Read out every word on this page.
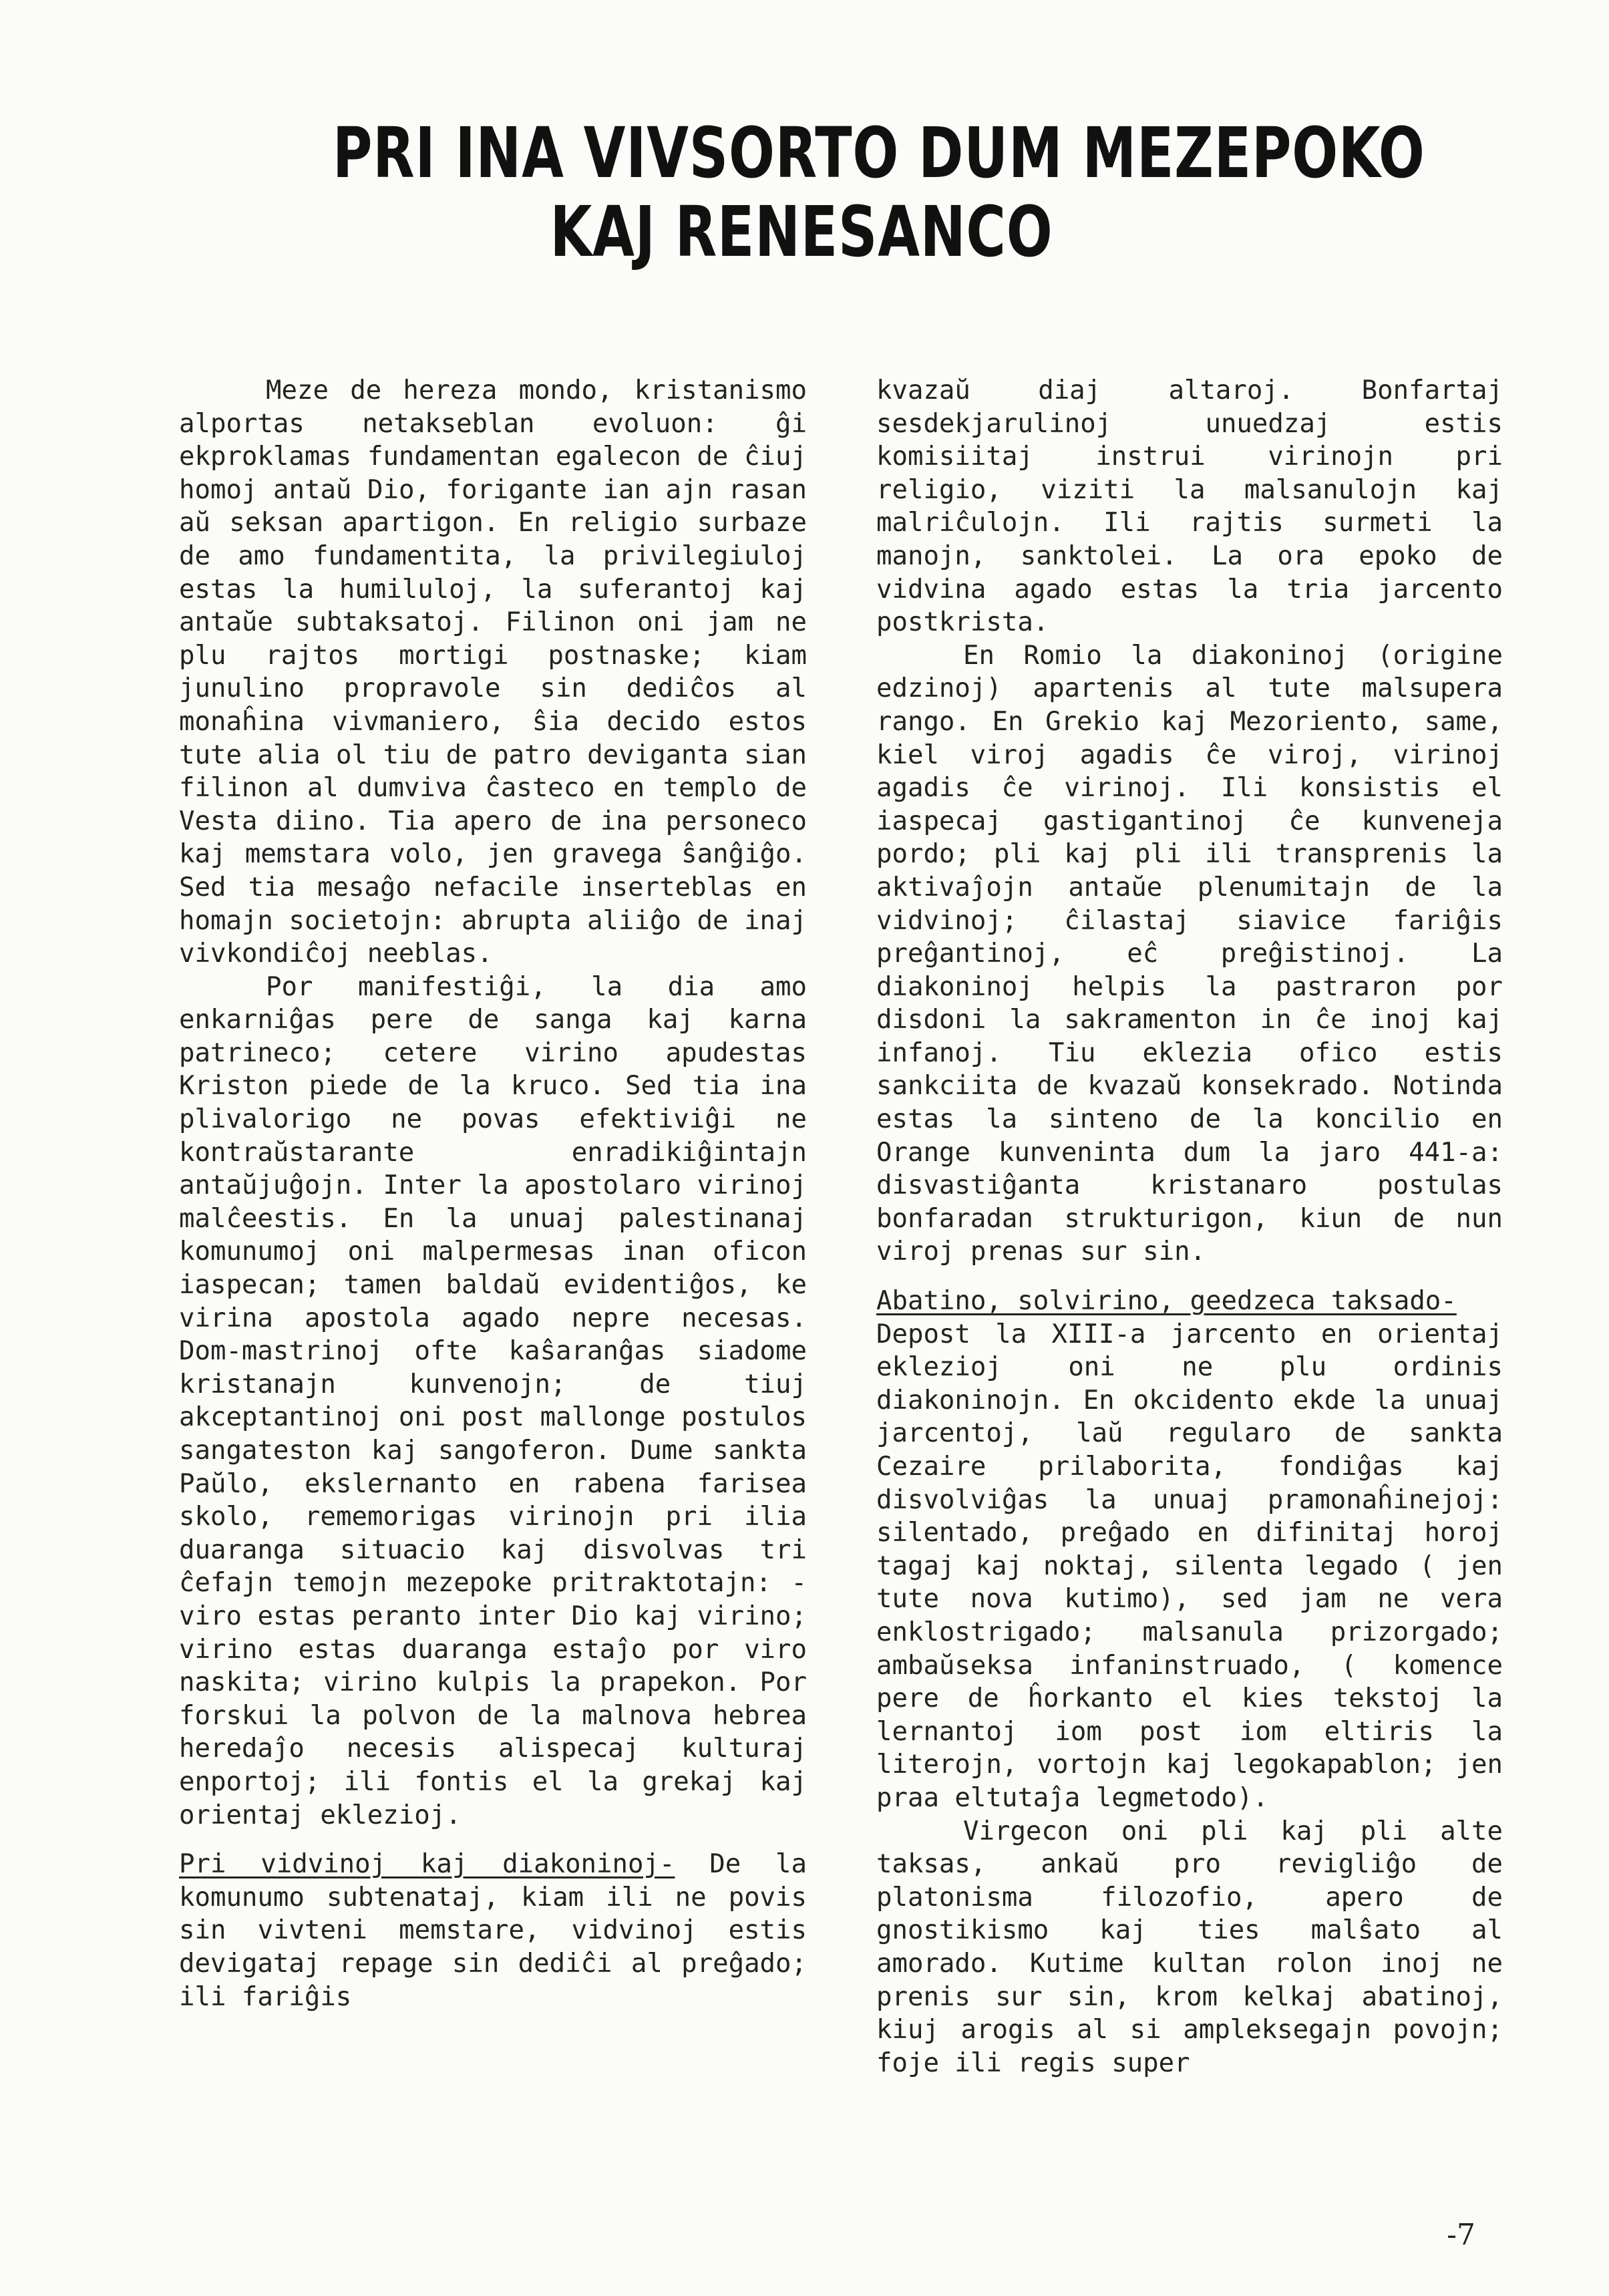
PRI INA VIVSORTO DUM MEZEPOKO
KAJ RENESANCO

Meze de hereza mondo, kristanismo alportas netakseblan evoluon: ĝi ekproklamas fundamentan egalecon de ĉiuj homoj antaŭ Dio, forigante ian ajn rasan aŭ seksan apartigon. En religio surbaze de amo fundamentita, la privilegiuloj estas la humiluloj, la suferantoj kaj antaŭe subtaksatoj. Filinon oni jam ne plu rajtos mortigi postnaske; kiam junulino propravole sin dediĉos al monaĥina vivmaniero, ŝia decido estos tute alia ol tiu de patro deviganta sian filinon al dumviva ĉasteco en templo de Vesta diino. Tia apero de ina personeco kaj memstara volo, jen gravega ŝanĝiĝo. Sed tia mesaĝo nefacile inserteblas en homajn societojn: abrupta aliiĝo de inaj vivkondiĉoj neeblas.

Por manifestiĝi, la dia amo enkarniĝas pere de sanga kaj karna patrineco; cetere virino apudestas Kriston piede de la kruco. Sed tia ina plivalorigo ne povas efektiviĝi ne kontraŭstarante enradikiĝintajn antaŭjuĝojn. Inter la apostolaro virinoj malĉeestis. En la unuaj palestinanaj komunumoj oni malpermesas inan oficon iaspecan; tamen baldaŭ evidentiĝos, ke virina apostola agado nepre necesas. Dom-mastrinoj ofte kaŝaranĝas siadome kristanajn kunvenojn; de tiuj akceptantinoj oni post mallonge postulos sangateston kaj sangoferon. Dume sankta Paŭlo, ekslernanto en rabena farisea skolo, rememorigas virinojn pri ilia duaranga situacio kaj disvolvas tri ĉefajn temojn mezepoke pritraktotajn: -viro estas peranto inter Dio kaj virino; virino estas duaranga estaĵo por viro naskita; virino kulpis la prapekon. Por forskui la polvon de la malnova hebrea heredaĵo necesis alispecaj kulturaj enportoj; ili fontis el la grekaj kaj orientaj eklezioj.

Pri vidvinoj kaj diakoninoj- De la komunumo subtenataj, kiam ili ne povis sin vivteni memstare, vidvinoj estis devigataj repage sin dediĉi al preĝado; ili fariĝis

kvazaŭ diaj altaroj. Bonfartaj sesdekjarulinoj unuedzaj estis komisiitaj instrui virinojn pri religio, viziti la malsanulojn kaj malriĉulojn. Ili rajtis surmeti la manojn, sanktolei. La ora epoko de vidvina agado estas la tria jarcento postkrista.

En Romio la diakoninoj (origine edzinoj) apartenis al tute malsupera rango. En Grekio kaj Mezoriento, same, kiel viroj agadis ĉe viroj, virinoj agadis ĉe virinoj. Ili konsistis el iaspecaj gastigantinoj ĉe kunveneja pordo; pli kaj pli ili transprenis la aktivaĵojn antaŭe plenumitajn de la vidvinoj; ĉilastaj siavice fariĝis preĝantinoj, eĉ preĝistinoj. La diakoninoj helpis la pastraron por disdoni la sakramenton in ĉe inoj kaj infanoj. Tiu eklezia ofico estis sankciita de kvazaŭ konsekrado. Notinda estas la sinteno de la koncilio en Orange kunveninta dum la jaro 441-a: disvastiĝanta kristanaro postulas bonfaradan strukturigon, kiun de nun viroj prenas sur sin.

Abatino, solvirino, geedzeca taksado-

Depost la XIII-a jarcento en orientaj eklezioj oni ne plu ordinis diakoninojn. En okcidento ekde la unuaj jarcentoj, laŭ regularo de sankta Cezaire prilaborita, fondiĝas kaj disvolviĝas la unuaj pramonaĥinejoj: silentado, preĝado en difinitaj horoj tagaj kaj noktaj, silenta legado ( jen tute nova kutimo), sed jam ne vera enklostrigado; malsanula prizorgado; ambaŭseksa infaninstruado, ( komence pere de ĥorkanto el kies tekstoj la lernantoj iom post iom eltiris la literojn, vortojn kaj legokapablon; jen praa eltutaĵa legmetodo).

Virgecon oni pli kaj pli alte taksas, ankaŭ pro revigliĝo de platonisma filozofio, apero de gnostikismo kaj ties malŝato al amorado. Kutime kultan rolon inoj ne prenis sur sin, krom kelkaj abatinoj, kiuj arogis al si ampleksegajn povojn; foje ili regis super

-7
